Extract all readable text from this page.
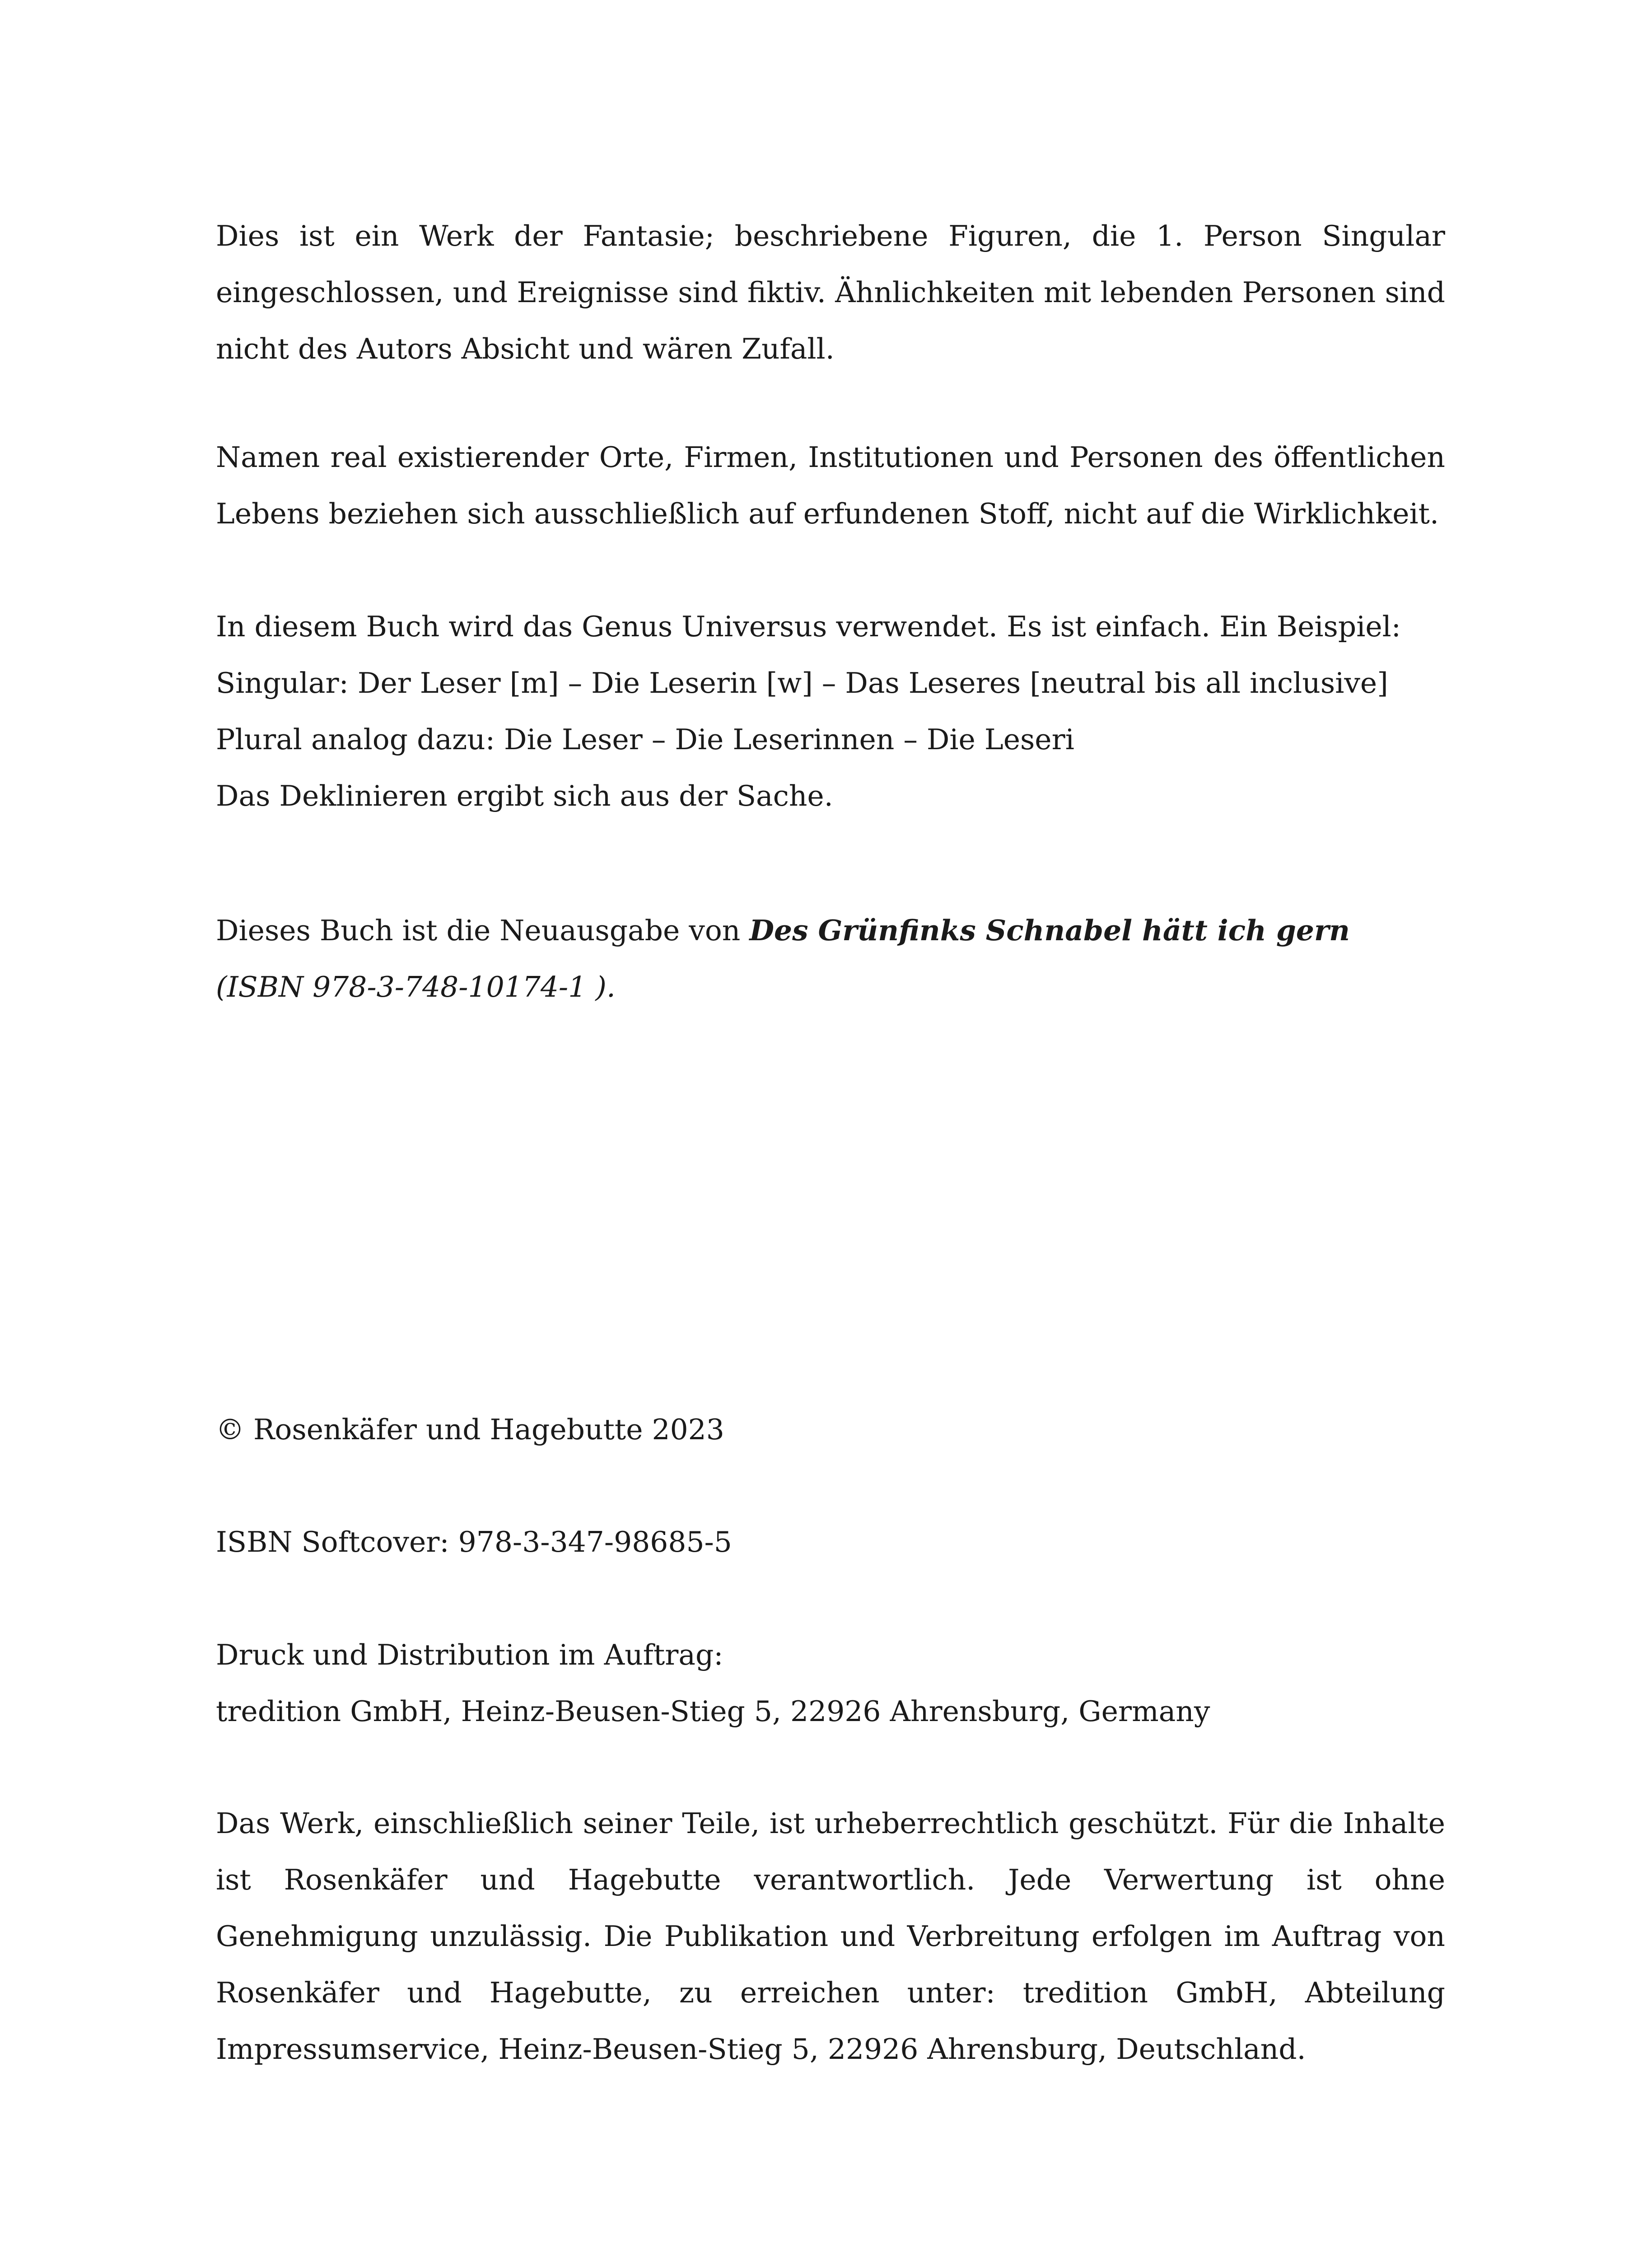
Dies ist ein Werk der Fantasie; beschriebene Figuren, die 1. Person Singular eingeschlossen, und Ereignisse sind fiktiv. Ähnlichkeiten mit lebenden Personen sind nicht des Autors Absicht und wären Zufall.

Namen real existierender Orte, Firmen, Institutionen und Personen des öffentlichen Lebens beziehen sich ausschließlich auf erfundenen Stoff, nicht auf die Wirklichkeit.

In diesem Buch wird das Genus Universus verwendet. Es ist einfach. Ein Beispiel:
Singular: Der Leser [m] – Die Leserin [w] – Das Leseres [neutral bis all inclusive]
Plural analog dazu: Die Leser – Die Leserinnen – Die Leseri
Das Deklinieren ergibt sich aus der Sache.

Dieses Buch ist die Neuausgabe von Des Grünfinks Schnabel hätt ich gern (ISBN 978-3-748-10174-1 ).

© Rosenkäfer und Hagebutte 2023

ISBN Softcover: 978-3-347-98685-5

Druck und Distribution im Auftrag:
tredition GmbH, Heinz-Beusen-Stieg 5, 22926 Ahrensburg, Germany

Das Werk, einschließlich seiner Teile, ist urheberrechtlich geschützt. Für die Inhalte ist Rosenkäfer und Hagebutte verantwortlich. Jede Verwertung ist ohne Genehmigung unzulässig. Die Publikation und Verbreitung erfolgen im Auftrag von Rosenkäfer und Hagebutte, zu erreichen unter: tredition GmbH, Abteilung Impressumservice, Heinz-Beusen-Stieg 5, 22926 Ahrensburg, Deutschland.
